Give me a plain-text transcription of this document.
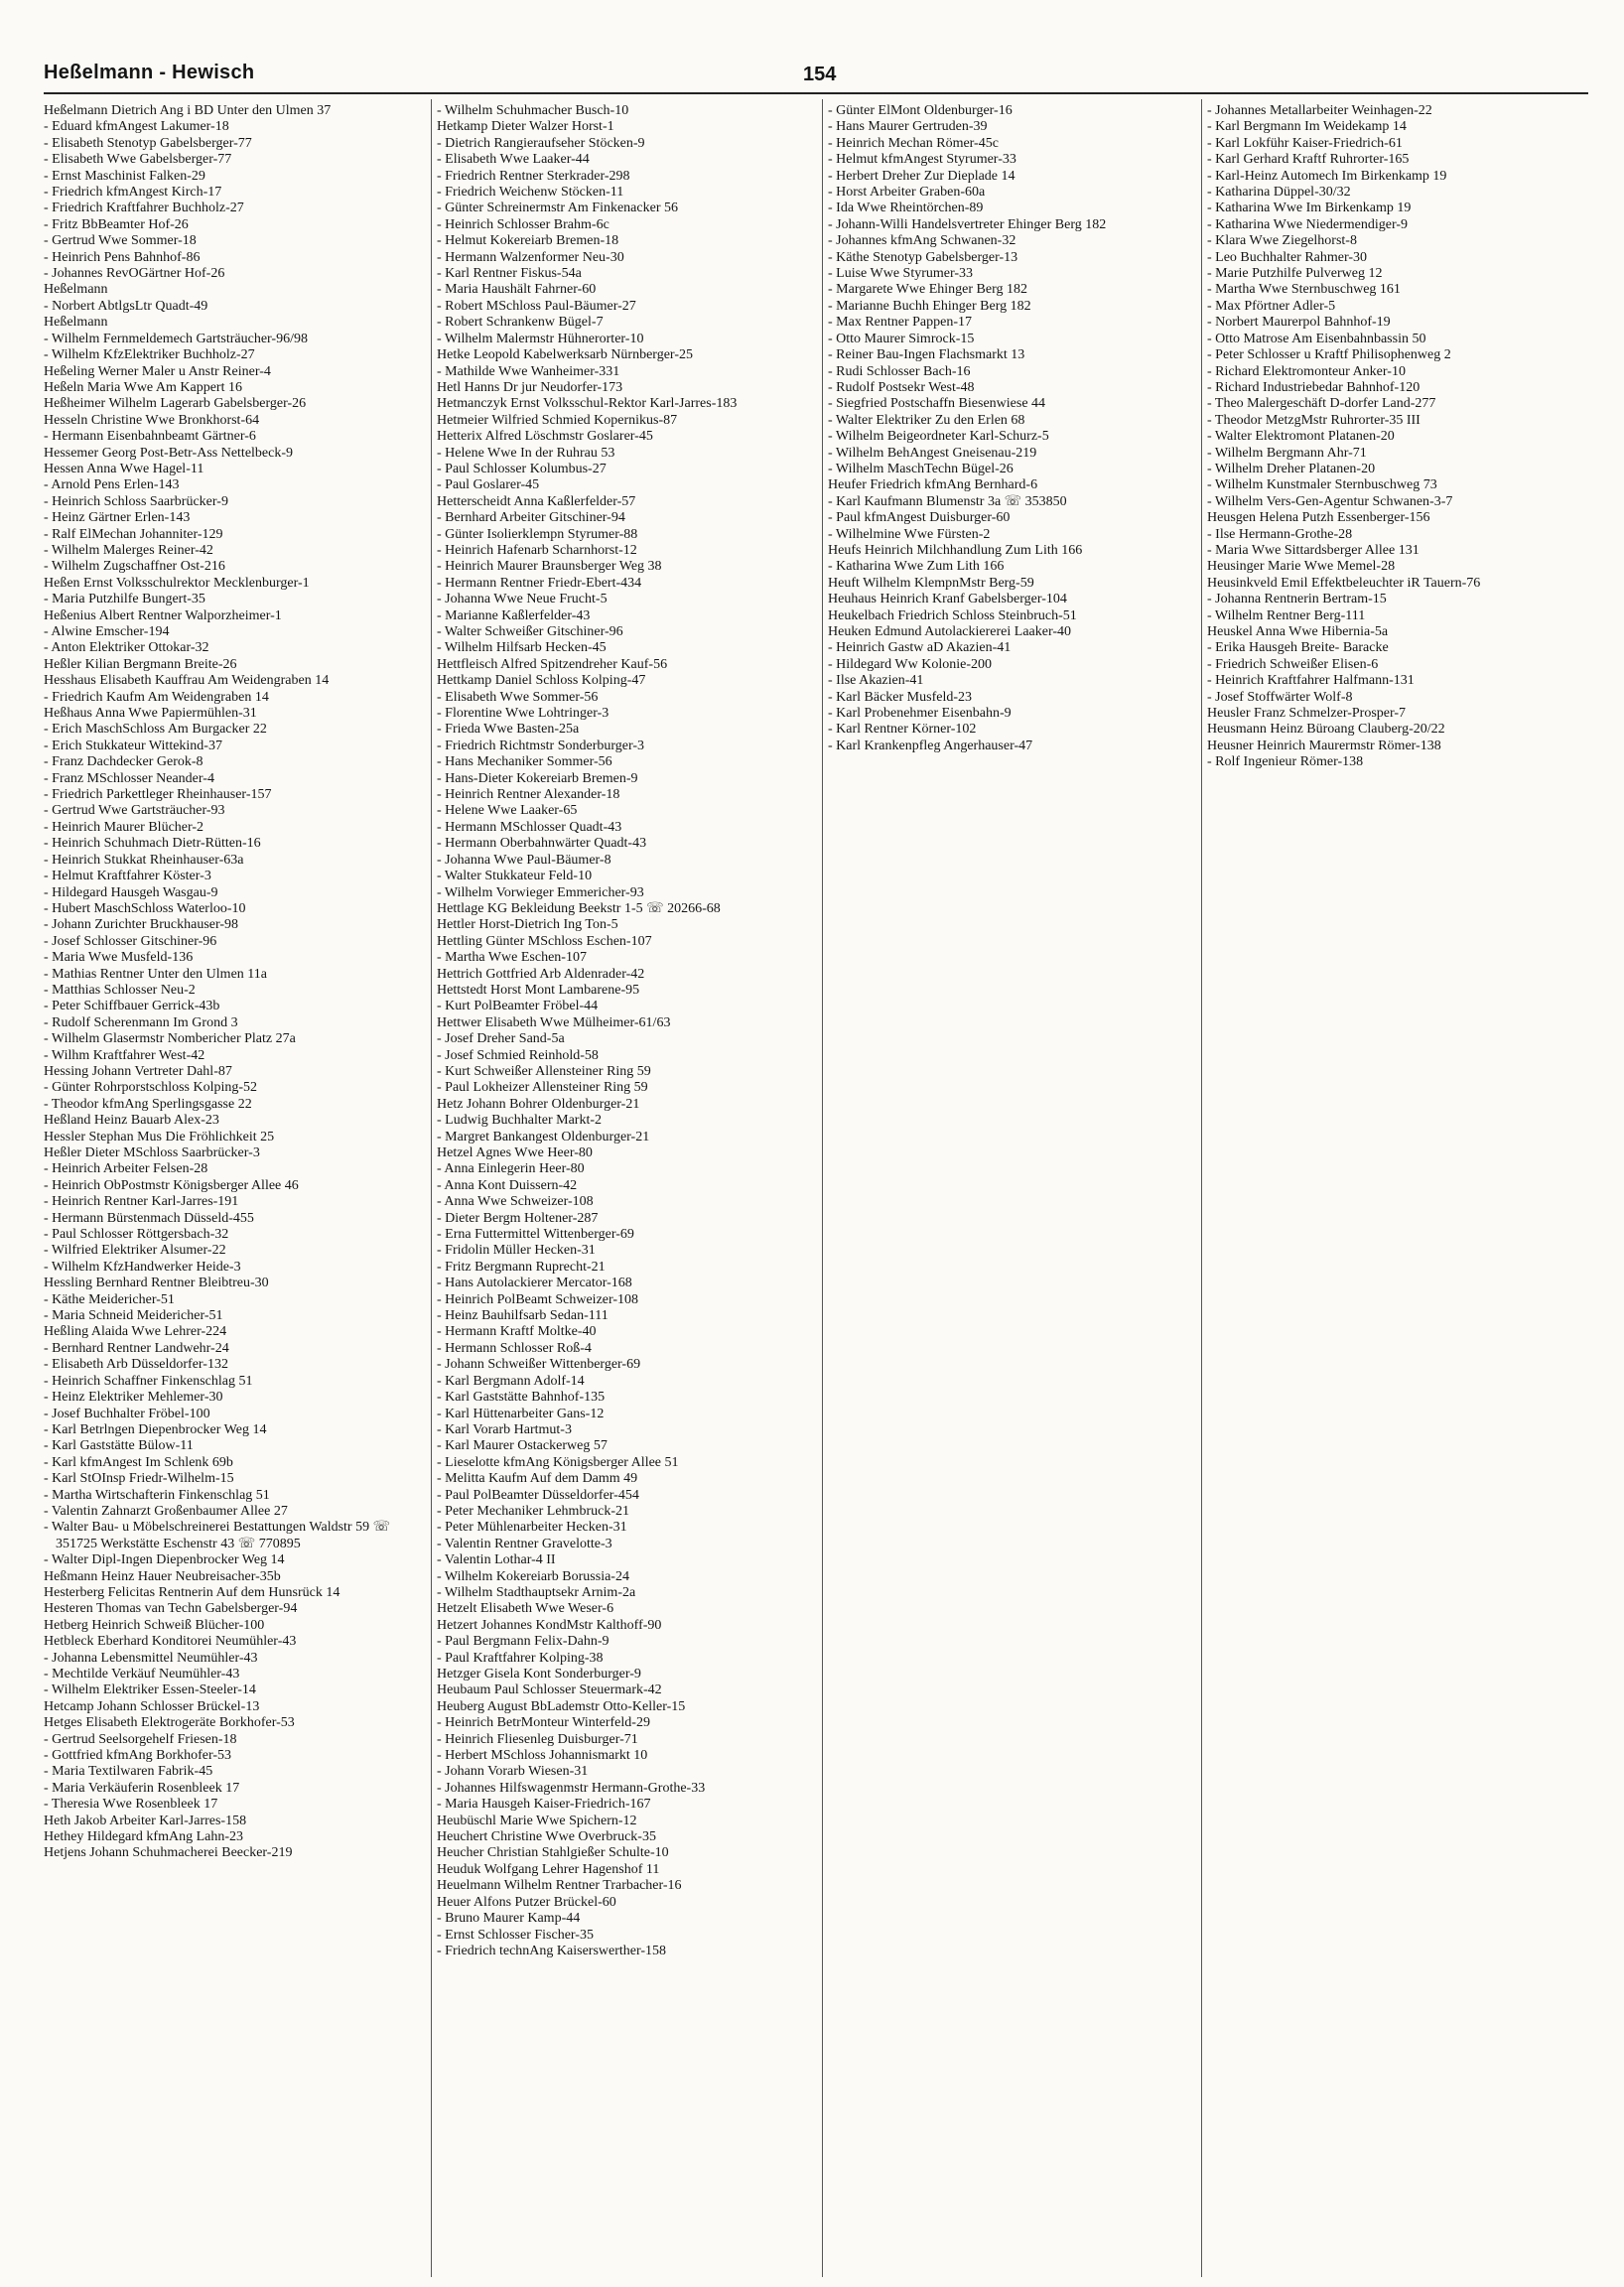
Heßelmann - Hewisch	154

Heßelmann Dietrich Ang i BD Unter den Ulmen 37

- Eduard kfmAngest Lakumer-18

- Elisabeth Stenotyp Gabelsberger-77

- Elisabeth Wwe Gabelsberger-77

- Ernst Maschinist Falken-29

- Friedrich kfmAngest Kirch-17

- Friedrich Kraftfahrer Buchholz-27

- Fritz BbBeamter Hof-26

- Gertrud Wwe Sommer-18

- Heinrich Pens Bahnhof-86

- Johannes RevOGärtner Hof-26

Heßelmann

- Norbert AbtlgsLtr Quadt-49

Heßelmann

- Wilhelm Fernmeldemech Gartsträucher-96/98

- Wilhelm KfzElektriker Buchholz-27

Heßeling Werner Maler u Anstr Reiner-4

Heßeln Maria Wwe Am Kappert 16

Heßheimer Wilhelm Lagerarb Gabelsberger-26

Hesseln Christine Wwe Bronkhorst-64

- Hermann Eisenbahnbeamt Gärtner-6

Hessemer Georg Post-Betr-Ass Nettelbeck-9

Hessen Anna Wwe Hagel-11

- Arnold Pens Erlen-143

- Heinrich Schloss Saarbrücker-9

- Heinz Gärtner Erlen-143

- Ralf ElMechan Johanniter-129

- Wilhelm Malerges Reiner-42

- Wilhelm Zugschaffner Ost-216

Heßen Ernst Volksschulrektor Mecklenburger-1

- Maria Putzhilfe Bungert-35

Heßenius Albert Rentner Walporzheimer-1

- Alwine Emscher-194

- Anton Elektriker Ottokar-32

Heßler Kilian Bergmann Breite-26

Hesshaus Elisabeth Kauffrau Am Weidengraben 14

- Friedrich Kaufm Am Weidengraben 14

Heßhaus Anna Wwe Papiermühlen-31

- Erich MaschSchloss Am Burgacker 22

- Erich Stukkateur Wittekind-37

- Franz Dachdecker Gerok-8

- Franz MSchlosser Neander-4

- Friedrich Parkettleger Rheinhauser-157

- Gertrud Wwe Gartsträucher-93

- Heinrich Maurer Blücher-2

- Heinrich Schuhmach Dietr-Rütten-16

- Heinrich Stukkat Rheinhauser-63a

- Helmut Kraftfahrer Köster-3

- Hildegard Hausgeh Wasgau-9

- Hubert MaschSchloss Waterloo-10

- Johann Zurichter Bruckhauser-98

- Josef Schlosser Gitschiner-96

- Maria Wwe Musfeld-136

- Mathias Rentner Unter den Ulmen 11a

- Matthias Schlosser Neu-2

- Peter Schiffbauer Gerrick-43b

- Rudolf Scherenmann Im Grond 3

- Wilhelm Glasermstr Nombericher Platz 27a

- Wilhm Kraftfahrer West-42

Hessing Johann Vertreter Dahl-87

- Günter Rohrporstschloss Kolping-52

- Theodor kfmAng Sperlingsgasse 22

Heßland Heinz Bauarb Alex-23

Hessler Stephan Mus Die Fröhlichkeit 25

Heßler Dieter MSchloss Saarbrücker-3

- Heinrich Arbeiter Felsen-28

- Heinrich ObPostmstr Königsberger Allee 46

- Heinrich Rentner Karl-Jarres-191

- Hermann Bürstenmach Düsseld-455

- Paul Schlosser Röttgersbach-32

- Wilfried Elektriker Alsumer-22

- Wilhelm KfzHandwerker Heide-3

Hessling Bernhard Rentner Bleibtreu-30

- Käthe Meidericher-51

- Maria Schneid Meidericher-51

Heßling Alaida Wwe Lehrer-224

- Bernhard Rentner Landwehr-24

- Elisabeth Arb Düsseldorfer-132

- Heinrich Schaffner Finkenschlag 51

- Heinz Elektriker Mehlemer-30

- Josef Buchhalter Fröbel-100

- Karl Betrlngen Diepenbrocker Weg 14

- Karl Gaststätte Bülow-11

- Karl kfmAngest Im Schlenk 69b

- Karl StOInsp Friedr-Wilhelm-15

- Martha Wirtschafterin Finkenschlag 51

- Valentin Zahnarzt Großenbaumer Allee 27

- Walter Bau- u Möbelschreinerei Bestattungen Waldstr 59 ☏ 351725 Werkstätte Eschenstr 43 ☏ 770895

- Walter Dipl-Ingen Diepenbrocker Weg 14

Heßmann Heinz Hauer Neubreisacher-35b

Hesterberg Felicitas Rentnerin Auf dem Hunsrück 14

Hesteren Thomas van Techn Gabelsberger-94

Hetberg Heinrich Schweiß Blücher-100

Hetbleck Eberhard Konditorei Neumühler-43

- Johanna Lebensmittel Neumühler-43

- Mechtilde Verkäuf Neumühler-43

- Wilhelm Elektriker Essen-Steeler-14

Hetcamp Johann Schlosser Brückel-13

Hetges Elisabeth Elektrogeräte Borkhofer-53

- Gertrud Seelsorgehelf Friesen-18

- Gottfried kfmAng Borkhofer-53

- Maria Textilwaren Fabrik-45

- Maria Verkäuferin Rosenbleek 17

- Theresia Wwe Rosenbleek 17

Heth Jakob Arbeiter Karl-Jarres-158

Hethey Hildegard kfmAng Lahn-23

Hetjens Johann Schuhmacherei Beecker-219

- Wilhelm Schuhmacher Busch-10

Hetkamp Dieter Walzer Horst-1

- Dietrich Rangieraufseher Stöcken-9

- Elisabeth Wwe Laaker-44

- Friedrich Rentner Sterkrader-298

- Friedrich Weichenw Stöcken-11

- Günter Schreinermstr Am Finkenacker 56

- Heinrich Schlosser Brahm-6c

- Helmut Kokereiarb Bremen-18

- Hermann Walzenformer Neu-30

- Karl Rentner Fiskus-54a

- Maria Haushält Fahrner-60

- Robert MSchloss Paul-Bäumer-27

- Robert Schrankenw Bügel-7

- Wilhelm Malermstr Hühnerorter-10

Hetke Leopold Kabelwerksarb Nürnberger-25

- Mathilde Wwe Wanheimer-331

Hetl Hanns Dr jur Neudorfer-173

Hetmanczyk Ernst Volksschul-Rektor Karl-Jarres-183

Hetmeier Wilfried Schmied Kopernikus-87

Hetterix Alfred Löschmstr Goslarer-45

- Helene Wwe In der Ruhrau 53

- Paul Schlosser Kolumbus-27

- Paul Goslarer-45

Hetterscheidt Anna Kaßlerfelder-57

- Bernhard Arbeiter Gitschiner-94

- Günter Isolierklempn Styrumer-88

- Heinrich Hafenarb Scharnhorst-12

- Heinrich Maurer Braunsberger Weg 38

- Hermann Rentner Friedr-Ebert-434

- Johanna Wwe Neue Frucht-5

- Marianne Kaßlerfelder-43

- Walter Schweißer Gitschiner-96

- Wilhelm Hilfsarb Hecken-45

Hettfleisch Alfred Spitzendreher Kauf-56

Hettkamp Daniel Schloss Kolping-47

- Elisabeth Wwe Sommer-56

- Florentine Wwe Lohtringer-3

- Frieda Wwe Basten-25a

- Friedrich Richtmstr Sonderburger-3

- Hans Mechaniker Sommer-56

- Hans-Dieter Kokereiarb Bremen-9

- Heinrich Rentner Alexander-18

- Helene Wwe Laaker-65

- Hermann MSchlosser Quadt-43

- Hermann Oberbahnwärter Quadt-43

- Johanna Wwe Paul-Bäumer-8

- Walter Stukkateur Feld-10

- Wilhelm Vorwieger Emmericher-93

Hettlage KG Bekleidung Beekstr 1-5 ☏ 20266-68

Hettler Horst-Dietrich Ing Ton-5

Hettling Günter MSchloss Eschen-107

- Martha Wwe Eschen-107

Hettrich Gottfried Arb Aldenrader-42

Hettstedt Horst Mont Lambarene-95

- Kurt PolBeamter Fröbel-44

Hettwer Elisabeth Wwe Mülheimer-61/63

- Josef Dreher Sand-5a

- Josef Schmied Reinhold-58

- Kurt Schweißer Allensteiner Ring 59

- Paul Lokheizer Allensteiner Ring 59

Hetz Johann Bohrer Oldenburger-21

- Ludwig Buchhalter Markt-2

- Margret Bankangest Oldenburger-21

Hetzel Agnes Wwe Heer-80

- Anna Einlegerin Heer-80

- Anna Kont Duissern-42

- Anna Wwe Schweizer-108

- Dieter Bergm Holtener-287

- Erna Futtermittel Wittenberger-69

- Fridolin Müller Hecken-31

- Fritz Bergmann Ruprecht-21

- Hans Autolackierer Mercator-168

- Heinrich PolBeamt Schweizer-108

- Heinz Bauhilfsarb Sedan-111

- Hermann Kraftf Moltke-40

- Hermann Schlosser Roß-4

- Johann Schweißer Wittenberger-69

- Karl Bergmann Adolf-14

- Karl Gaststätte Bahnhof-135

- Karl Hüttenarbeiter Gans-12

- Karl Vorarb Hartmut-3

- Karl Maurer Ostackerweg 57

- Lieselotte kfmAng Königsberger Allee 51

- Melitta Kaufm Auf dem Damm 49

- Paul PolBeamter Düsseldorfer-454

- Peter Mechaniker Lehmbruck-21

- Peter Mühlenarbeiter Hecken-31

- Valentin Rentner Gravelotte-3

- Valentin Lothar-4 II

- Wilhelm Kokereiarb Borussia-24

- Wilhelm Stadthauptsekr Arnim-2a

Hetzelt Elisabeth Wwe Weser-6

Hetzert Johannes KondMstr Kalthoff-90

- Paul Bergmann Felix-Dahn-9

- Paul Kraftfahrer Kolping-38

Hetzger Gisela Kont Sonderburger-9

Heubaum Paul Schlosser Steuermark-42

Heuberg August BbLademstr Otto-Keller-15

- Heinrich BetrMonteur Winterfeld-29

- Heinrich Fliesenleg Duisburger-71

- Herbert MSchloss Johannismarkt 10

- Johann Vorarb Wiesen-31

- Johannes Hilfswagenmstr Hermann-Grothe-33

- Maria Hausgeh Kaiser-Friedrich-167

Heubüschl Marie Wwe Spichern-12

Heuchert Christine Wwe Overbruck-35

Heucher Christian Stahlgießer Schulte-10

Heuduk Wolfgang Lehrer Hagenshof 11

Heuelmann Wilhelm Rentner Trarbacher-16

Heuer Alfons Putzer Brückel-60

- Bruno Maurer Kamp-44

- Ernst Schlosser Fischer-35

- Friedrich technAng Kaiserswerther-158

- Günter ElMont Oldenburger-16

- Hans Maurer Gertruden-39

- Heinrich Mechan Römer-45c

- Helmut kfmAngest Styrumer-33

- Herbert Dreher Zur Dieplade 14

- Horst Arbeiter Graben-60a

- Ida Wwe Rheintörchen-89

- Johann-Willi Handelsvertreter Ehinger Berg 182

- Johannes kfmAng Schwanen-32

- Käthe Stenotyp Gabelsberger-13

- Luise Wwe Styrumer-33

- Margarete Wwe Ehinger Berg 182

- Marianne Buchh Ehinger Berg 182

- Max Rentner Pappen-17

- Otto Maurer Simrock-15

- Reiner Bau-Ingen Flachsmarkt 13

- Rudi Schlosser Bach-16

- Rudolf Postsekr West-48

- Siegfried Postschaffn Biesenwiese 44

- Walter Elektriker Zu den Erlen 68

- Wilhelm Beigeordneter Karl-Schurz-5

- Wilhelm BehAngest Gneisenau-219

- Wilhelm MaschTechn Bügel-26

Heufer Friedrich kfmAng Bernhard-6

- Karl Kaufmann Blumenstr 3a ☏ 353850

- Paul kfmAngest Duisburger-60

- Wilhelmine Wwe Fürsten-2

Heufs Heinrich Milchhandlung Zum Lith 166

- Katharina Wwe Zum Lith 166

Heuft Wilhelm KlempnMstr Berg-59

Heuhaus Heinrich Kranf Gabelsberger-104

Heukelbach Friedrich Schloss Steinbruch-51

Heuken Edmund Autolackiererei Laaker-40

- Heinrich Gastw aD Akazien-41

- Hildegard Ww Kolonie-200

- Ilse Akazien-41

- Karl Bäcker Musfeld-23

- Karl Probenehmer Eisenbahn-9

- Karl Rentner Körner-102

- Karl Krankenpfleg Angerhauser-47

- Johannes Metallarbeiter Weinhagen-22

- Karl Bergmann Im Weidekamp 14

- Karl Lokführ Kaiser-Friedrich-61

- Karl Gerhard Kraftf Ruhrorter-165

- Karl-Heinz Automech Im Birkenkamp 19

- Katharina Düppel-30/32

- Katharina Wwe Im Birkenkamp 19

- Katharina Wwe Niedermendiger-9

- Klara Wwe Ziegelhorst-8

- Leo Buchhalter Rahmer-30

- Marie Putzhilfe Pulverweg 12

- Martha Wwe Sternbuschweg 161

- Max Pförtner Adler-5

- Norbert Maurerpol Bahnhof-19

- Otto Matrose Am Eisenbahnbassin 50

- Peter Schlosser u Kraftf Philisophenweg 2

- Richard Elektromonteur Anker-10

- Richard Industriebedar Bahnhof-120

- Theo Malergeschäft D-dorfer Land-277

- Theodor MetzgMstr Ruhrorter-35 III

- Walter Elektromont Platanen-20

- Wilhelm Bergmann Ahr-71

- Wilhelm Dreher Platanen-20

- Wilhelm Kunstmaler Sternbuschweg 73

- Wilhelm Vers-Gen-Agentur Schwanen-3-7

Heusgen Helena Putzh Essenberger-156

- Ilse Hermann-Grothe-28

- Maria Wwe Sittardsberger Allee 131

Heusinger Marie Wwe Memel-28

Heusinkveld Emil Effektbeleuchter iR Tauern-76

- Johanna Rentnerin Bertram-15

- Wilhelm Rentner Berg-111

Heuskel Anna Wwe Hibernia-5a

- Erika Hausgeh Breite- Baracke

- Friedrich Schweißer Elisen-6

- Heinrich Kraftfahrer Halfmann-131

- Josef Stoffwärter Wolf-8

Heusler Franz Schmelzer-Prosper-7

Heusmann Heinz Büroang Clauberg-20/22

Heusner Heinrich Maurermstr Römer-138

- Rolf Ingenieur Römer-138
